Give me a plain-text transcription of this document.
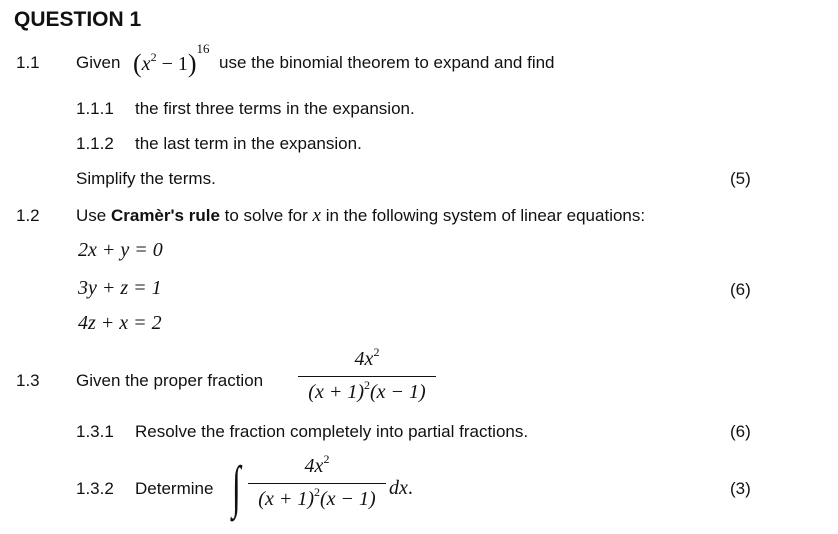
QUESTION 1
1.1 Given $(x^2 - 1)^{16}$
use the binomial theorem to expand and find
1.1.1 the first three terms in the expansion.
1.1.2 the last term in the expansion.
Simplify the terms.	(5)
1.2 Use Cramèr's rule to solve for x in the following system of linear equations:
2x + y = 0
3y + z = 1
4z + x = 2
(6)
1.3 Given the proper fraction
$4x^2$
$(x + 1)^2(x - 1)$
1.3.1 Resolve the fraction completely into partial fractions.	(6)
1.3.2 Determine ∫	$4x^2$
$(x + 1)^2(x - 1)$ dx.	(3)
